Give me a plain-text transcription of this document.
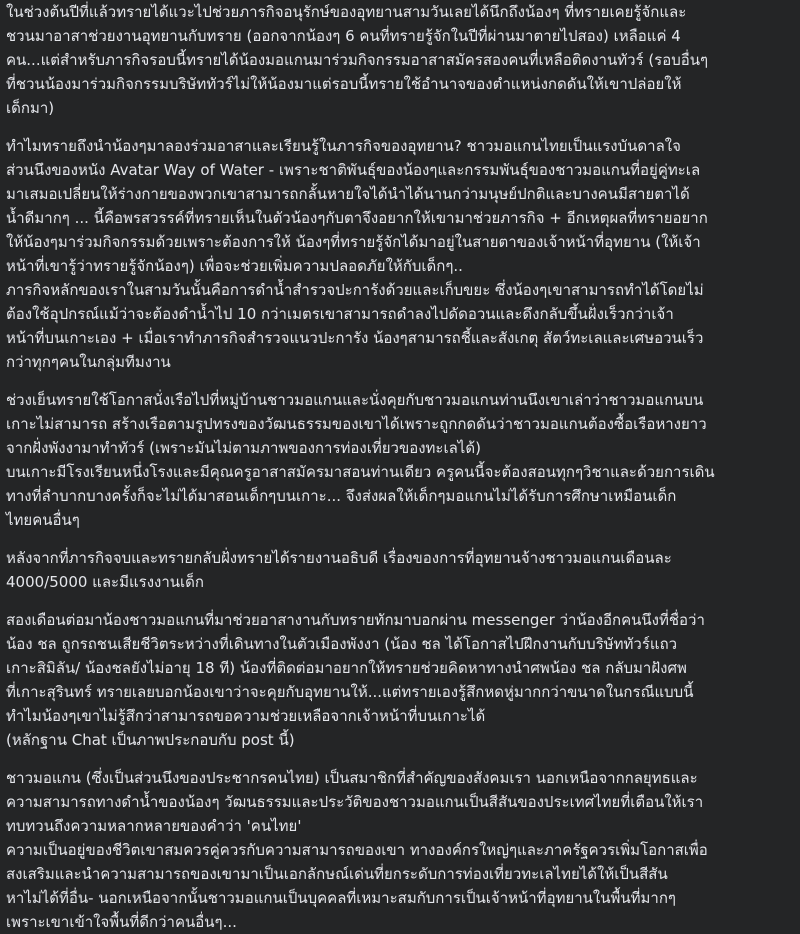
ในช่วงต้นปีที่แล้วทรายได้แวะไปช่วยภารกิจอนุรักษ์ของอุทยานสามวันเลยได้นึกถึงน้องๆ ที่ทรายเคยรู้จักและ
ชวนมาอาสาช่วยงานอุทยานกับทราย (ออกจากน้องๆ 6 คนที่ทรายรู้จักในปีที่ผ่านมาตายไปสอง) เหลือแค่ 4
คน...แต่สำหรับภารกิจรอบนี้ทรายได้น้องมอแกนมาร่วมกิจกรรมอาสาสมัครสองคนที่เหลือติดงานทัวร์ (รอบอื่นๆ
ที่ชวนน้องมาร่วมกิจกรรมบริษัททัวร์ไม่ให้น้องมาแต่รอบนี้ทรายใช้อำนาจของตำแหน่งกดดันให้เขาปล่อยให้
เด็กมา)
ทำไมทรายถึงนำน้องๆมาลองร่วมอาสาและเรียนรู้ในภารกิจของอุทยาน? ชาวมอแกนไทยเป็นแรงบันดาลใจ
ส่วนนึงของหนัง Avatar Way of Water - เพราะชาติพันธุ์ของน้องๆและกรรมพันธุ์ของชาวมอแกนที่อยู่คู่ทะเล
มาเสมอเปลี่ยนให้ร่างกายของพวกเขาสามารถกลั้นหายใจได้นำได้นานกว่ามนุษย์ปกติและบางคนมีสายตาได้
น้ำดีมากๆ ... นี้คือพรสวรรค์ที่ทรายเห็นในตัวน้องๆกับตาจึงอยากให้เขามาช่วยภารกิจ + อีกเหตุผลที่ทรายอยาก
ให้น้องๆมาร่วมกิจกรรมด้วยเพราะต้องการให้ น้องๆที่ทรายรู้จักได้มาอยู่ในสายตาของเจ้าหน้าที่อุทยาน (ให้เจ้า
หน้าที่เขารู้ว่าทรายรู้จักน้องๆ) เพื่อจะช่วยเพิ่มความปลอดภัยให้กับเด็กๆ..
ภารกิจหลักของเราในสามวันนั้นคือการดำน้ำสำรวจปะการังด้วยและเก็บขยะ ซึ่งน้องๆเขาสามารถทำได้โดยไม่
ต้องใช้อุปกรณ์แม้ว่าจะต้องดำน้ำไป 10 กว่าเมตรเขาสามารถดำลงไปดัดอวนและดึงกลับขึ้นฝั่งเร็วกว่าเจ้า
หน้าที่บนเกาะเอง + เมื่อเราทำภารกิจสำรวจแนวปะการัง น้องๆสามารถชี้และสังเกตุ สัตว์ทะเลและเศษอวนเร็ว
กว่าทุกๆคนในกลุ่มทีมงาน
ช่วงเย็นทรายใช้โอกาสนั่งเรือไปที่หมู่บ้านชาวมอแกนและนั่งคุยกับชาวมอแกนท่านนึงเขาเล่าว่าชาวมอแกนบน
เกาะไม่สามารถ สร้างเรือตามรูปทรงของวัฒนธรรมของเขาได้เพราะถูกกดดันว่าชาวมอแกนต้องซื้อเรือหางยาว
จากฝั่งพังงามาทำทัวร์ (เพราะมันไม่ตามภาพของการท่องเที่ยวของทะเลได้)
บนเกาะมีโรงเรียนหนึ่งโรงและมีคุณครูอาสาสมัครมาสอนท่านเดียว ครูคนนี้จะต้องสอนทุกๆวิชาและด้วยการเดิน
ทางที่ลำบากบางครั้งก็จะไม่ได้มาสอนเด็กๆบนเกาะ... จึงส่งผลให้เด็กๆมอแกนไม่ได้รับการศึกษาเหมือนเด็ก
ไทยคนอื่นๆ
หลังจากที่ภารกิจจบและทรายกลับฝั่งทรายได้รายงานอธิบดี เรื่องของการที่อุทยานจ้างชาวมอแกนเดือนละ
4000/5000 และมีแรงงานเด็ก
สองเดือนต่อมาน้องชาวมอแกนที่มาช่วยอาสางานกับทรายทักมาบอกผ่าน messenger ว่าน้องอีกคนนึงที่ชื่อว่า
น้อง ชล ถูกรถชนเสียชีวิตระหว่างที่เดินทางในตัวเมืองพังงา (น้อง ชล ได้โอกาสไปฝึกงานกับบริษัททัวร์แถว
เกาะสิมิลัน/ น้องชลยังไม่อายุ 18 ที) น้องที่ติดต่อมาอยากให้ทรายช่วยคิดหาทางนำศพน้อง ชล กลับมาฝังศพ
ที่เกาะสุรินทร์ ทรายเลยบอกน้องเขาว่าจะคุยกับอุทยานให้...แต่ทรายเองรู้สึกหดหู่มากกว่าขนาดในกรณีแบบนี้
ทำไมน้องๆเขาไม่รู้สึกว่าสามารถขอความช่วยเหลือจากเจ้าหน้าที่บนเกาะได้
(หลักฐาน Chat เป็นภาพประกอบกับ post นี้)
ชาวมอแกน (ซึ่งเป็นส่วนนึงของประชากรคนไทย) เป็นสมาชิกที่สำคัญของสังคมเรา นอกเหนือจากกลยุทธและ
ความสามารถทางดำน้ำของน้องๆ วัฒนธรรมและประวัติของชาวมอแกนเป็นสีสันของประเทศไทยที่เตือนให้เรา
ทบทวนถึงความหลากหลายของคำว่า 'คนไทย'
ความเป็นอยู่ของชีวิตเขาสมควรคู่ควรกับความสามารถของเขา ทางองค์กรใหญ่ๆและภาครัฐควรเพิ่มโอกาสเพื่อ
สงเสริมและนำความสามารถของเขามาเป็นเอกลักษณ์เด่นที่ยกระดับการท่องเที่ยวทะเลไทยได้ให้เป็นสีสัน
หาไม่ได้ที่อื่น- นอกเหนือจากนั้นชาวมอแกนเป็นบุคคลที่เหมาะสมกับการเป็นเจ้าหน้าที่อุทยานในพื้นที่มากๆ
เพราะเขาเข้าใจพื้นที่ดีกว่าคนอื่นๆ...
